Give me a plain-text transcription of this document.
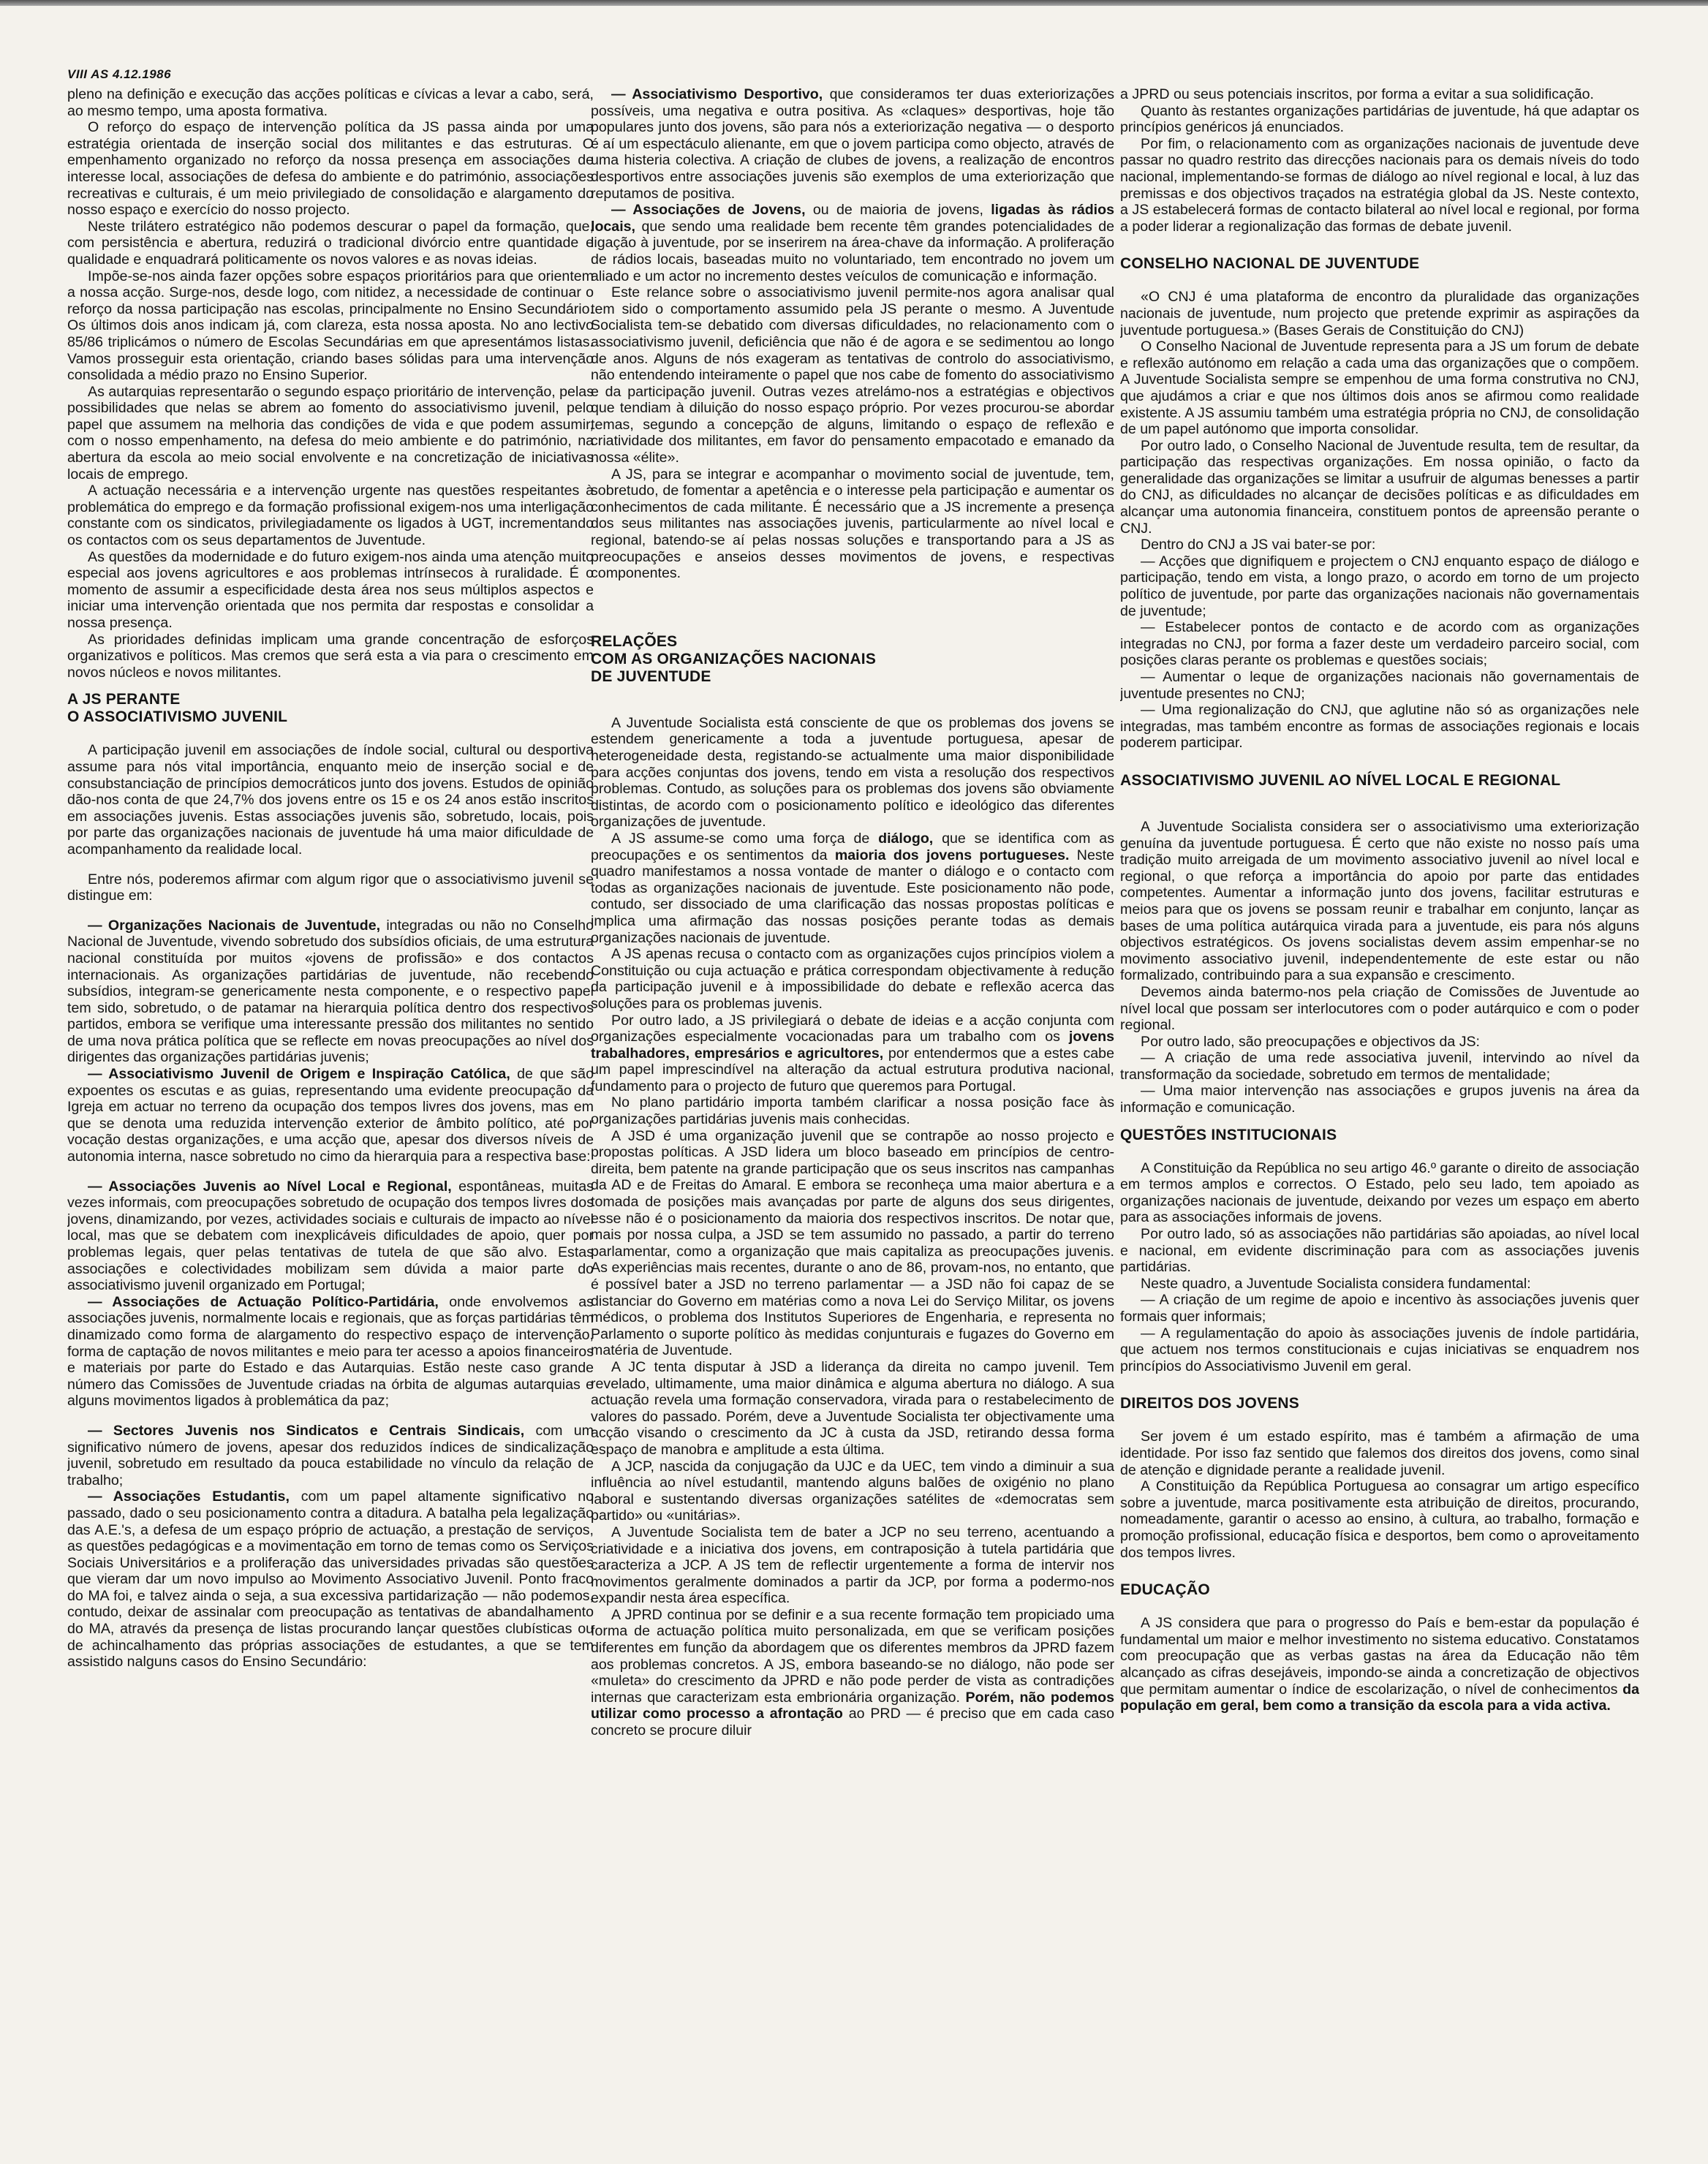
VIII AS 4.12.1986

pleno na definição e execução das acções políticas e cívicas a levar a cabo, será, ao mesmo tempo, uma aposta formativa.

O reforço do espaço de intervenção política da JS passa ainda por uma estratégia orientada de inserção social dos militantes e das estruturas. O empenhamento organizado no reforço da nossa presença em associações de interesse local, associações de defesa do ambiente e do património, associações recreativas e culturais, é um meio privilegiado de consolidação e alargamento do nosso espaço e exercício do nosso projecto.

Neste trilátero estratégico não podemos descurar o papel da formação, que, com persistência e abertura, reduzirá o tradicional divórcio entre quantidade e qualidade e enquadrará politicamente os novos valores e as novas ideias.

Impõe-se-nos ainda fazer opções sobre espaços prioritários para que orientem a nossa acção. Surge-nos, desde logo, com nitidez, a necessidade de continuar o reforço da nossa participação nas escolas, principalmente no Ensino Secundário. Os últimos dois anos indicam já, com clareza, esta nossa aposta. No ano lectivo 85/86 triplicámos o número de Escolas Secundárias em que apresentámos listas. Vamos prosseguir esta orientação, criando bases sólidas para uma intervenção consolidada a médio prazo no Ensino Superior.

As autarquias representarão o segundo espaço prioritário de intervenção, pelas possibilidades que nelas se abrem ao fomento do associativismo juvenil, pelo papel que assumem na melhoria das condições de vida e que podem assumir, com o nosso empenhamento, na defesa do meio ambiente e do património, na abertura da escola ao meio social envolvente e na concretização de iniciativas locais de emprego.

A actuação necessária e a intervenção urgente nas questões respeitantes à problemática do emprego e da formação profissional exigem-nos uma interligação constante com os sindicatos, privilegiadamente os ligados à UGT, incrementando os contactos com os seus departamentos de Juventude.

As questões da modernidade e do futuro exigem-nos ainda uma atenção muito especial aos jovens agricultores e aos problemas intrínsecos à ruralidade. É o momento de assumir a especificidade desta área nos seus múltiplos aspectos e iniciar uma intervenção orientada que nos permita dar respostas e consolidar a nossa presença.

As prioridades definidas implicam uma grande concentração de esforços organizativos e políticos. Mas cremos que será esta a via para o crescimento em novos núcleos e novos militantes.

A JS PERANTE
O ASSOCIATIVISMO JUVENIL

A participação juvenil em associações de índole social, cultural ou desportiva assume para nós vital importância, enquanto meio de inserção social e de consubstanciação de princípios democráticos junto dos jovens. Estudos de opinião dão-nos conta de que 24,7% dos jovens entre os 15 e os 24 anos estão inscritos em associações juvenis. Estas associações juvenis são, sobretudo, locais, pois por parte das organizações nacionais de juventude há uma maior dificuldade de acompanhamento da realidade local.

Entre nós, poderemos afirmar com algum rigor que o associativismo juvenil se distingue em:

— Organizações Nacionais de Juventude, integradas ou não no Conselho Nacional de Juventude, vivendo sobretudo dos subsídios oficiais, de uma estrutura nacional constituída por muitos «jovens de profissão» e dos contactos internacionais. As organizações partidárias de juventude, não recebendo subsídios, integram-se genericamente nesta componente, e o respectivo papel tem sido, sobretudo, o de patamar na hierarquia política dentro dos respectivos partidos, embora se verifique uma interessante pressão dos militantes no sentido de uma nova prática política que se reflecte em novas preocupações ao nível dos dirigentes das organizações partidárias juvenis;

— Associativismo Juvenil de Origem e Inspiração Católica, de que são expoentes os escutas e as guias, representando uma evidente preocupação da Igreja em actuar no terreno da ocupação dos tempos livres dos jovens, mas em que se denota uma reduzida intervenção exterior de âmbito político, até por vocação destas organizações, e uma acção que, apesar dos diversos níveis de autonomia interna, nasce sobretudo no cimo da hierarquia para a respectiva base:

— Associações Juvenis ao Nível Local e Regional, espontâneas, muitas vezes informais, com preocupações sobretudo de ocupação dos tempos livres dos jovens, dinamizando, por vezes, actividades sociais e culturais de impacto ao nível local, mas que se debatem com inexplicáveis dificuldades de apoio, quer por problemas legais, quer pelas tentativas de tutela de que são alvo. Estas associações e colectividades mobilizam sem dúvida a maior parte do associativismo juvenil organizado em Portugal;

— Associações de Actuação Político-Partidária, onde envolvemos as associações juvenis, normalmente locais e regionais, que as forças partidárias têm dinamizado como forma de alargamento do respectivo espaço de intervenção, forma de captação de novos militantes e meio para ter acesso a apoios financeiros e materiais por parte do Estado e das Autarquias. Estão neste caso grande número das Comissões de Juventude criadas na órbita de algumas autarquias e alguns movimentos ligados à problemática da paz;

— Sectores Juvenis nos Sindicatos e Centrais Sindicais, com um significativo número de jovens, apesar dos reduzidos índices de sindicalização juvenil, sobretudo em resultado da pouca estabilidade no vínculo da relação de trabalho;

— Associações Estudantis, com um papel altamente significativo no passado, dado o seu posicionamento contra a ditadura. A batalha pela legalização das A.E.'s, a defesa de um espaço próprio de actuação, a prestação de serviços, as questões pedagógicas e a movimentação em torno de temas como os Serviços Sociais Universitários e a proliferação das universidades privadas são questões que vieram dar um novo impulso ao Movimento Associativo Juvenil. Ponto fraco do MA foi, e talvez ainda o seja, a sua excessiva partidarização — não podemos, contudo, deixar de assinalar com preocupação as tentativas de abandalhamento do MA, através da presença de listas procurando lançar questões clubísticas ou de achincalhamento das próprias associações de estudantes, a que se tem assistido nalguns casos do Ensino Secundário:

— Associativismo Desportivo, que consideramos ter duas exteriorizações possíveis, uma negativa e outra positiva. As «claques» desportivas, hoje tão populares junto dos jovens, são para nós a exteriorização negativa — o desporto é aí um espectáculo alienante, em que o jovem participa como objecto, através de uma histeria colectiva. A criação de clubes de jovens, a realização de encontros desportivos entre associações juvenis são exemplos de uma exteriorização que reputamos de positiva.

— Associações de Jovens, ou de maioria de jovens, ligadas às rádios locais, que sendo uma realidade bem recente têm grandes potencialidades de ligação à juventude, por se inserirem na área-chave da informação. A proliferação de rádios locais, baseadas muito no voluntariado, tem encontrado no jovem um aliado e um actor no incremento destes veículos de comunicação e informação.

Este relance sobre o associativismo juvenil permite-nos agora analisar qual tem sido o comportamento assumido pela JS perante o mesmo. A Juventude Socialista tem-se debatido com diversas dificuldades, no relacionamento com o associativismo juvenil, deficiência que não é de agora e se sedimentou ao longo de anos. Alguns de nós exageram as tentativas de controlo do associativismo, não entendendo inteiramente o papel que nos cabe de fomento do associativismo e da participação juvenil. Outras vezes atrelámo-nos a estratégias e objectivos que tendiam à diluição do nosso espaço próprio. Por vezes procurou-se abordar temas, segundo a concepção de alguns, limitando o espaço de reflexão e criatividade dos militantes, em favor do pensamento empacotado e emanado da nossa «élite».

A JS, para se integrar e acompanhar o movimento social de juventude, tem, sobretudo, de fomentar a apetência e o interesse pela participação e aumentar os conhecimentos de cada militante. É necessário que a JS incremente a presença dos seus militantes nas associações juvenis, particularmente ao nível local e regional, batendo-se aí pelas nossas soluções e transportando para a JS as preocupações e anseios desses movimentos de jovens, e respectivas componentes.

RELAÇÕES
COM AS ORGANIZAÇÕES NACIONAIS
DE JUVENTUDE

A Juventude Socialista está consciente de que os problemas dos jovens se estendem genericamente a toda a juventude portuguesa, apesar de heterogeneidade desta, registando-se actualmente uma maior disponibilidade para acções conjuntas dos jovens, tendo em vista a resolução dos respectivos problemas. Contudo, as soluções para os problemas dos jovens são obviamente distintas, de acordo com o posicionamento político e ideológico das diferentes organizações de juventude.

A JS assume-se como uma força de diálogo, que se identifica com as preocupações e os sentimentos da maioria dos jovens portugueses. Neste quadro manifestamos a nossa vontade de manter o diálogo e o contacto com todas as organizações nacionais de juventude. Este posicionamento não pode, contudo, ser dissociado de uma clarificação das nossas propostas políticas e implica uma afirmação das nossas posições perante todas as demais organizações nacionais de juventude.

A JS apenas recusa o contacto com as organizações cujos princípios violem a Constituição ou cuja actuação e prática correspondam objectivamente à redução da participação juvenil e à impossibilidade do debate e reflexão acerca das soluções para os problemas juvenis.

Por outro lado, a JS privilegiará o debate de ideias e a acção conjunta com organizações especialmente vocacionadas para um trabalho com os jovens trabalhadores, empresários e agricultores, por entendermos que a estes cabe um papel imprescindível na alteração da actual estrutura produtiva nacional, fundamento para o projecto de futuro que queremos para Portugal.

No plano partidário importa também clarificar a nossa posição face às organizações partidárias juvenis mais conhecidas.

A JSD é uma organização juvenil que se contrapõe ao nosso projecto e propostas políticas. A JSD lidera um bloco baseado em princípios de centro-direita, bem patente na grande participação que os seus inscritos nas campanhas da AD e de Freitas do Amaral. E embora se reconheça uma maior abertura e a tomada de posições mais avançadas por parte de alguns dos seus dirigentes, esse não é o posicionamento da maioria dos respectivos inscritos. De notar que, mais por nossa culpa, a JSD se tem assumido no passado, a partir do terreno parlamentar, como a organização que mais capitaliza as preocupações juvenis. As experiências mais recentes, durante o ano de 86, provam-nos, no entanto, que é possível bater a JSD no terreno parlamentar — a JSD não foi capaz de se distanciar do Governo em matérias como a nova Lei do Serviço Militar, os jovens médicos, o problema dos Institutos Superiores de Engenharia, e representa no Parlamento o suporte político às medidas conjunturais e fugazes do Governo em matéria de Juventude.

A JC tenta disputar à JSD a liderança da direita no campo juvenil. Tem revelado, ultimamente, uma maior dinâmica e alguma abertura no diálogo. A sua actuação revela uma formação conservadora, virada para o restabelecimento de valores do passado. Porém, deve a Juventude Socialista ter objectivamente uma acção visando o crescimento da JC à custa da JSD, retirando dessa forma espaço de manobra e amplitude a esta última.

A JCP, nascida da conjugação da UJC e da UEC, tem vindo a diminuir a sua influência ao nível estudantil, mantendo alguns balões de oxigénio no plano laboral e sustentando diversas organizações satélites de «democratas sem partido» ou «unitárias».

A Juventude Socialista tem de bater a JCP no seu terreno, acentuando a criatividade e a iniciativa dos jovens, em contraposição à tutela partidária que caracteriza a JCP. A JS tem de reflectir urgentemente a forma de intervir nos movimentos geralmente dominados a partir da JCP, por forma a podermo-nos expandir nesta área específica.

A JPRD continua por se definir e a sua recente formação tem propiciado uma forma de actuação política muito personalizada, em que se verificam posições diferentes em função da abordagem que os diferentes membros da JPRD fazem aos problemas concretos. A JS, embora baseando-se no diálogo, não pode ser «muleta» do crescimento da JPRD e não pode perder de vista as contradições internas que caracterizam esta embrionária organização. Porém, não podemos utilizar como processo a afrontação ao PRD — é preciso que em cada caso concreto se procure diluir

a JPRD ou seus potenciais inscritos, por forma a evitar a sua solidificação.

Quanto às restantes organizações partidárias de juventude, há que adaptar os princípios genéricos já enunciados.

Por fim, o relacionamento com as organizações nacionais de juventude deve passar no quadro restrito das direcções nacionais para os demais níveis do todo nacional, implementando-se formas de diálogo ao nível regional e local, à luz das premissas e dos objectivos traçados na estratégia global da JS. Neste contexto, a JS estabelecerá formas de contacto bilateral ao nível local e regional, por forma a poder liderar a regionalização das formas de debate juvenil.

CONSELHO NACIONAL DE JUVENTUDE

«O CNJ é uma plataforma de encontro da pluralidade das organizações nacionais de juventude, num projecto que pretende exprimir as aspirações da juventude portuguesa.» (Bases Gerais de Constituição do CNJ)

O Conselho Nacional de Juventude representa para a JS um forum de debate e reflexão autónomo em relação a cada uma das organizações que o compõem. A Juventude Socialista sempre se empenhou de uma forma construtiva no CNJ, que ajudámos a criar e que nos últimos dois anos se afirmou como realidade existente. A JS assumiu também uma estratégia própria no CNJ, de consolidação de um papel autónomo que importa consolidar.

Por outro lado, o Conselho Nacional de Juventude resulta, tem de resultar, da participação das respectivas organizações. Em nossa opinião, o facto da generalidade das organizações se limitar a usufruir de algumas benesses a partir do CNJ, as dificuldades no alcançar de decisões políticas e as dificuldades em alcançar uma autonomia financeira, constituem pontos de apreensão perante o CNJ.

Dentro do CNJ a JS vai bater-se por:

— Acções que dignifiquem e projectem o CNJ enquanto espaço de diálogo e participação, tendo em vista, a longo prazo, o acordo em torno de um projecto político de juventude, por parte das organizações nacionais não governamentais de juventude;

— Estabelecer pontos de contacto e de acordo com as organizações integradas no CNJ, por forma a fazer deste um verdadeiro parceiro social, com posições claras perante os problemas e questões sociais;

— Aumentar o leque de organizações nacionais não governamentais de juventude presentes no CNJ;

— Uma regionalização do CNJ, que aglutine não só as organizações nele integradas, mas também encontre as formas de associações regionais e locais poderem participar.

ASSOCIATIVISMO JUVENIL AO NÍVEL LOCAL E REGIONAL

A Juventude Socialista considera ser o associativismo uma exteriorização genuína da juventude portuguesa. É certo que não existe no nosso país uma tradição muito arreigada de um movimento associativo juvenil ao nível local e regional, o que reforça a importância do apoio por parte das entidades competentes. Aumentar a informação junto dos jovens, facilitar estruturas e meios para que os jovens se possam reunir e trabalhar em conjunto, lançar as bases de uma política autárquica virada para a juventude, eis para nós alguns objectivos estratégicos. Os jovens socialistas devem assim empenhar-se no movimento associativo juvenil, independentemente de este estar ou não formalizado, contribuindo para a sua expansão e crescimento.

Devemos ainda batermo-nos pela criação de Comissões de Juventude ao nível local que possam ser interlocutores com o poder autárquico e com o poder regional.

Por outro lado, são preocupações e objectivos da JS:

— A criação de uma rede associativa juvenil, intervindo ao nível da transformação da sociedade, sobretudo em termos de mentalidade;

— Uma maior intervenção nas associações e grupos juvenis na área da informação e comunicação.

QUESTÕES INSTITUCIONAIS

A Constituição da República no seu artigo 46.º garante o direito de associação em termos amplos e correctos. O Estado, pelo seu lado, tem apoiado as organizações nacionais de juventude, deixando por vezes um espaço em aberto para as associações informais de jovens.

Por outro lado, só as associações não partidárias são apoiadas, ao nível local e nacional, em evidente discriminação para com as associações juvenis partidárias.

Neste quadro, a Juventude Socialista considera fundamental:

— A criação de um regime de apoio e incentivo às associações juvenis quer formais quer informais;

— A regulamentação do apoio às associações juvenis de índole partidária, que actuem nos termos constitucionais e cujas iniciativas se enquadrem nos princípios do Associativismo Juvenil em geral.

DIREITOS DOS JOVENS

Ser jovem é um estado espírito, mas é também a afirmação de uma identidade. Por isso faz sentido que falemos dos direitos dos jovens, como sinal de atenção e dignidade perante a realidade juvenil.

A Constituição da República Portuguesa ao consagrar um artigo específico sobre a juventude, marca positivamente esta atribuição de direitos, procurando, nomeadamente, garantir o acesso ao ensino, à cultura, ao trabalho, formação e promoção profissional, educação física e desportos, bem como o aproveitamento dos tempos livres.

EDUCAÇÃO

A JS considera que para o progresso do País e bem-estar da população é fundamental um maior e melhor investimento no sistema educativo. Constatamos com preocupação que as verbas gastas na área da Educação não têm alcançado as cifras desejáveis, impondo-se ainda a concretização de objectivos que permitam aumentar o índice de escolarização, o nível de conhecimentos da população em geral, bem como a transição da escola para a vida activa.
